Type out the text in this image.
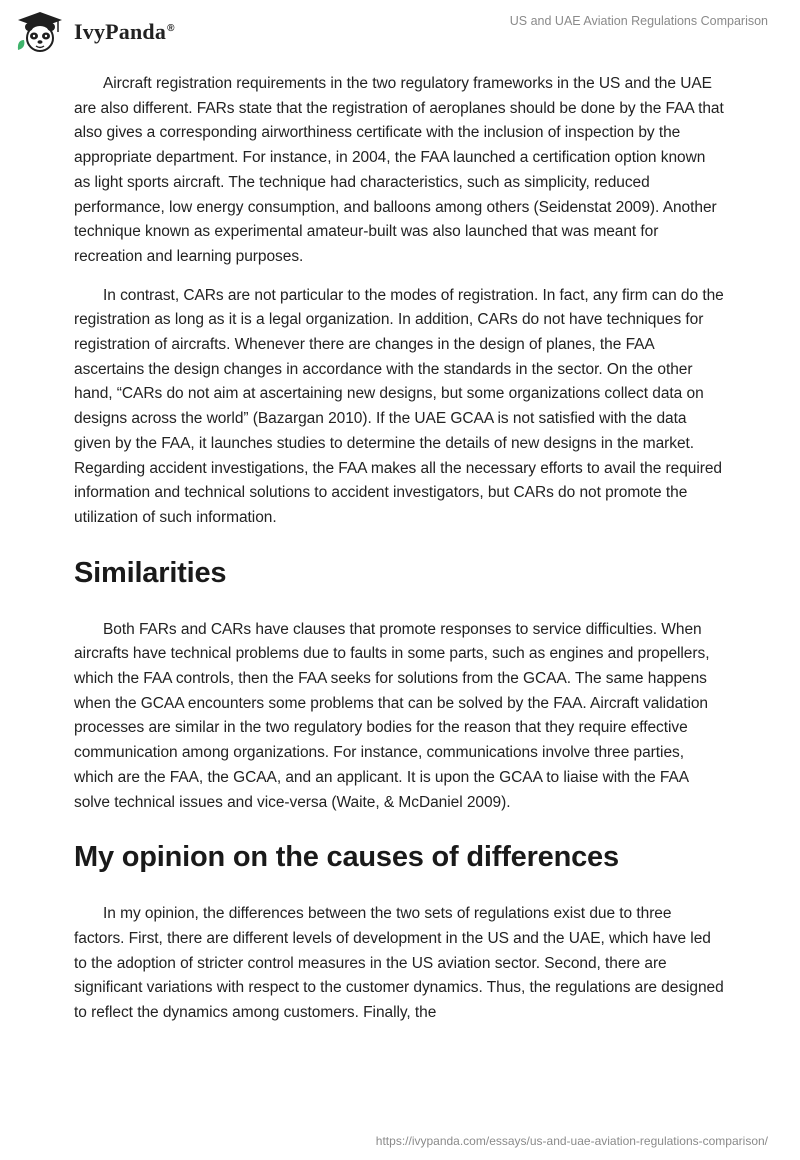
IvyPanda®
US and UAE Aviation Regulations Comparison

Aircraft registration requirements in the two regulatory frameworks in the US and the UAE are also different. FARs state that the registration of aeroplanes should be done by the FAA that also gives a corresponding airworthiness certificate with the inclusion of inspection by the appropriate department. For instance, in 2004, the FAA launched a certification option known as light sports aircraft. The technique had characteristics, such as simplicity, reduced performance, low energy consumption, and balloons among others (Seidenstat 2009). Another technique known as experimental amateur-built was also launched that was meant for recreation and learning purposes.

In contrast, CARs are not particular to the modes of registration. In fact, any firm can do the registration as long as it is a legal organization. In addition, CARs do not have techniques for registration of aircrafts. Whenever there are changes in the design of planes, the FAA ascertains the design changes in accordance with the standards in the sector. On the other hand, “CARs do not aim at ascertaining new designs, but some organizations collect data on designs across the world” (Bazargan 2010). If the UAE GCAA is not satisfied with the data given by the FAA, it launches studies to determine the details of new designs in the market. Regarding accident investigations, the FAA makes all the necessary efforts to avail the required information and technical solutions to accident investigators, but CARs do not promote the utilization of such information.

Similarities

Both FARs and CARs have clauses that promote responses to service difficulties. When aircrafts have technical problems due to faults in some parts, such as engines and propellers, which the FAA controls, then the FAA seeks for solutions from the GCAA. The same happens when the GCAA encounters some problems that can be solved by the FAA. Aircraft validation processes are similar in the two regulatory bodies for the reason that they require effective communication among organizations. For instance, communications involve three parties, which are the FAA, the GCAA, and an applicant. It is upon the GCAA to liaise with the FAA solve technical issues and vice-versa (Waite, & McDaniel 2009).

My opinion on the causes of differences

In my opinion, the differences between the two sets of regulations exist due to three factors. First, there are different levels of development in the US and the UAE, which have led to the adoption of stricter control measures in the US aviation sector. Second, there are significant variations with respect to the customer dynamics. Thus, the regulations are designed to reflect the dynamics among customers. Finally, the

https://ivypanda.com/essays/us-and-uae-aviation-regulations-comparison/
